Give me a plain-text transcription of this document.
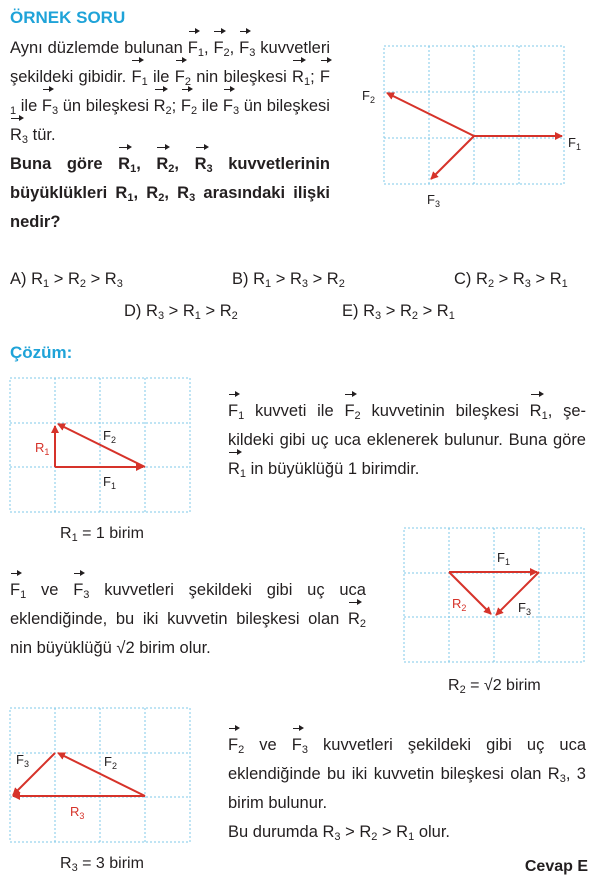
ÖRNEK SORU
Aynı düzlemde bulunan $F_1$, $F_2$, $F_3$ kuvvetleri şekildeki gibidir. $F_1$ ile $F_2$ nin bileşkesi $R_1$; $F_1$ ile $F_3$ ün bileşkesi $R_2$; $F_2$ ile $F_3$ ün bileşkesi $R_3$ tür.
Buna göre $R_1$, $R_2$, $R_3$ kuvvetlerinin büyüklükleri $R_1$, $R_2$, $R_3$ arasındaki ilişki nedir?
$F_1$
$F_2$
$F_3$
A) $R_1 > R_2 > R_3$	B) $R_1 > R_3 > R_2$	C) $R_2 > R_3 > R_1$
D) $R_3 > R_1 > R_2$	E) $R_3 > R_2 > R_1$
Çözüm:
$R_1$
$F_2$
$F_1$
$R_1 = 1$ birim
$F_1$ kuvveti ile $F_2$ kuvvetinin bileşkesi $R_1$, şe- kildeki gibi uç uca eklenerek bulunur. Buna göre $R_1$ in büyüklüğü 1 birimdir.
$F_1$ ve $F_3$ kuvvetleri şekildeki gibi uç uca eklendiğinde, bu iki kuvvetin bileşkesi olan $R_2$ nin büyüklüğü √2 birim olur.
$F_1$
$R_2$	$F_3$
$R_2 = √2$ birim
$F_3$	$F_2$
$R_3$
$R_3 = 3$ birim
$F_2$ ve $F_3$ kuvvetleri şekildeki gibi uç uca eklendiğinde bu iki kuvvetin bileşkesi olan $R_3$, 3 birim bulunur.
Bu durumda $R_3 > R_2 > R_1$ olur.
Cevap E
